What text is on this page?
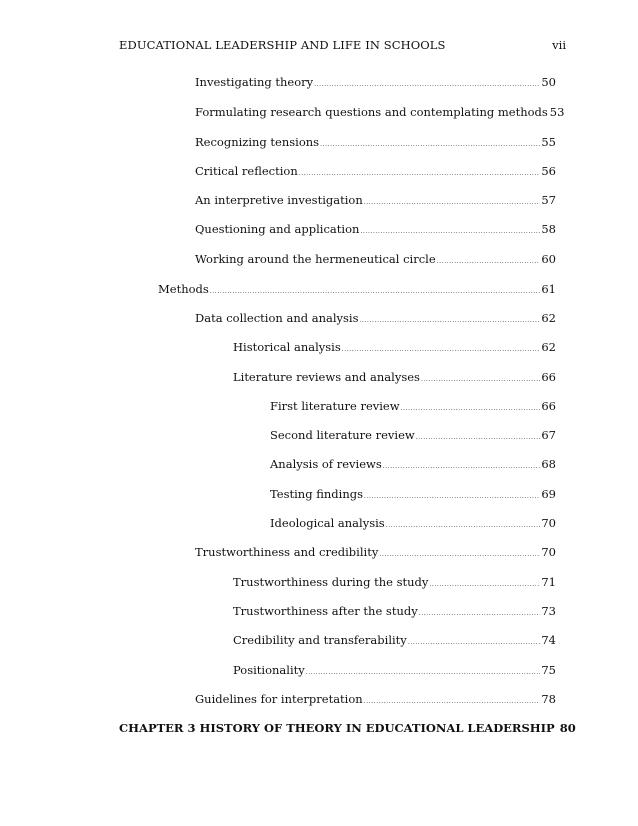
EDUCATIONAL LEADERSHIP AND LIFE IN SCHOOLS	vii
Investigating theory .....	50
Formulating research questions and contemplating methods 53
Recognizing tensions .....	55
Critical reflection .....	56
An interpretive investigation .....	57
Questioning and application .....	58
Working around the hermeneutical circle .....	60
Methods .....	61
Data collection and analysis .....	62
Historical analysis .....	62
Literature reviews and analyses .....	66
First literature review .....	66
Second literature review .....	67
Analysis of reviews .....	68
Testing findings .....	69
Ideological analysis .....	70
Trustworthiness and credibility .....	70
Trustworthiness during the study .....	71
Trustworthiness after the study .....	73
Credibility and transferability .....	74
Positionality .....	75
Guidelines for interpretation .....	78
CHAPTER 3 HISTORY OF THEORY IN EDUCATIONAL LEADERSHIP 80
